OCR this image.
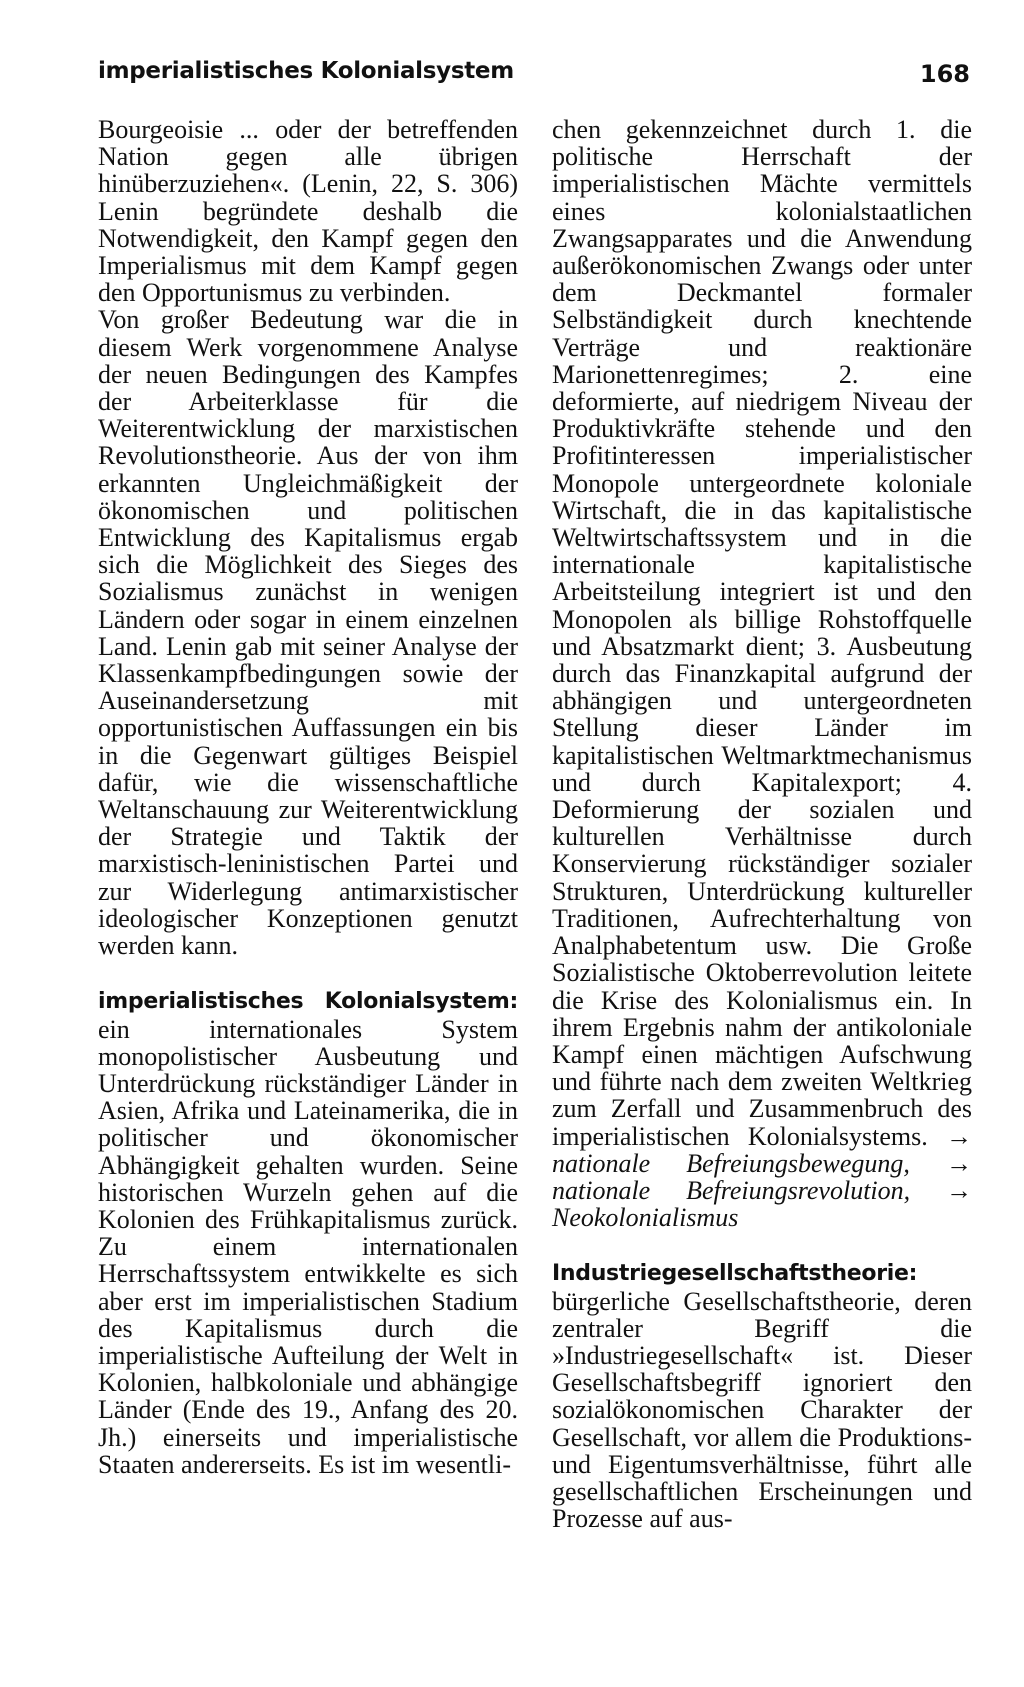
imperialistisches Kolonialsystem	168

Bourgeoisie ... oder der betreffenden Nation gegen alle übrigen hinüberzuziehen«. (Lenin, 22, S. 306) Lenin begründete deshalb die Notwendigkeit, den Kampf gegen den Imperialismus mit dem Kampf gegen den Opportunismus zu verbinden.

Von großer Bedeutung war die in diesem Werk vorgenommene Analyse der neuen Bedingungen des Kampfes der Arbeiterklasse für die Weiterentwicklung der marxistischen Revolutionstheorie. Aus der von ihm erkannten Ungleichmäßigkeit der ökonomischen und politischen Entwicklung des Kapitalismus ergab sich die Möglichkeit des Sieges des Sozialismus zunächst in wenigen Ländern oder sogar in einem einzelnen Land. Lenin gab mit seiner Analyse der Klassenkampfbedingungen sowie der Auseinandersetzung mit opportunistischen Auffassungen ein bis in die Gegenwart gültiges Beispiel dafür, wie die wissenschaftliche Weltanschauung zur Weiterentwicklung der Strategie und Taktik der marxistisch-leninistischen Partei und zur Widerlegung antimarxistischer ideologischer Konzeptionen genutzt werden kann.

imperialistisches Kolonialsystem: ein internationales System monopolistischer Ausbeutung und Unterdrückung rückständiger Länder in Asien, Afrika und Lateinamerika, die in politischer und ökonomischer Abhängigkeit gehalten wurden. Seine historischen Wurzeln gehen auf die Kolonien des Frühkapitalismus zurück. Zu einem internationalen Herrschaftssystem entwikkelte es sich aber erst im imperialistischen Stadium des Kapitalismus durch die imperialistische Aufteilung der Welt in Kolonien, halbkoloniale und abhängige Länder (Ende des 19., Anfang des 20. Jh.) einerseits und imperialistische Staaten andererseits. Es ist im wesentli-

chen gekennzeichnet durch 1. die politische Herrschaft der imperialistischen Mächte vermittels eines kolonialstaatlichen Zwangsapparates und die Anwendung außerökonomischen Zwangs oder unter dem Deckmantel formaler Selbständigkeit durch knechtende Verträge und reaktionäre Marionettenregimes; 2. eine deformierte, auf niedrigem Niveau der Produktivkräfte stehende und den Profitinteressen imperialistischer Monopole untergeordnete koloniale Wirtschaft, die in das kapitalistische Weltwirtschaftssystem und in die internationale kapitalistische Arbeitsteilung integriert ist und den Monopolen als billige Rohstoffquelle und Absatzmarkt dient; 3. Ausbeutung durch das Finanzkapital aufgrund der abhängigen und untergeordneten Stellung dieser Länder im kapitalistischen Weltmarktmechanismus und durch Kapitalexport; 4. Deformierung der sozialen und kulturellen Verhältnisse durch Konservierung rückständiger sozialer Strukturen, Unterdrückung kultureller Traditionen, Aufrechterhaltung von Analphabetentum usw. Die Große Sozialistische Oktoberrevolution leitete die Krise des Kolonialismus ein. In ihrem Ergebnis nahm der antikoloniale Kampf einen mächtigen Aufschwung und führte nach dem zweiten Weltkrieg zum Zerfall und Zusammenbruch des imperialistischen Kolonialsystems. → nationale Befreiungsbewegung, → nationale Befreiungsrevolution, → Neokolonialismus

Industriegesellschaftstheorie: bürgerliche Gesellschaftstheorie, deren zentraler Begriff die »Industriegesellschaft« ist. Dieser Gesellschaftsbegriff ignoriert den sozialökonomischen Charakter der Gesellschaft, vor allem die Produktions- und Eigentumsverhältnisse, führt alle gesellschaftlichen Erscheinungen und Prozesse auf aus-
